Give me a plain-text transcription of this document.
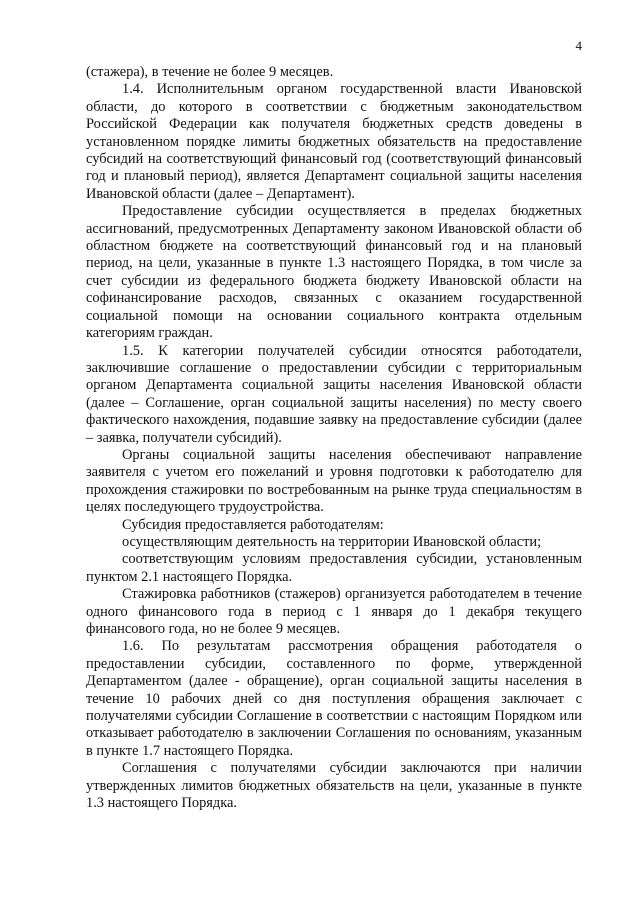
4

(стажера), в течение не более 9 месяцев.

1.4. Исполнительным органом государственной власти Ивановской области, до которого в соответствии с бюджетным законодательством Российской Федерации как получателя бюджетных средств доведены в установленном порядке лимиты бюджетных обязательств на предоставление субсидий на соответствующий финансовый год (соответствующий финансовый год и плановый период), является Департамент социальной защиты населения Ивановской области (далее – Департамент).

Предоставление субсидии осуществляется в пределах бюджетных ассигнований, предусмотренных Департаменту законом Ивановской области об областном бюджете на соответствующий финансовый год и на плановый период, на цели, указанные в пункте 1.3 настоящего Порядка, в том числе за счет субсидии из федерального бюджета бюджету Ивановской области на софинансирование расходов, связанных с оказанием государственной социальной помощи на основании социального контракта отдельным категориям граждан.

1.5. К категории получателей субсидии относятся работодатели, заключившие соглашение о предоставлении субсидии с территориальным органом Департамента социальной защиты населения Ивановской области (далее – Соглашение, орган социальной защиты населения) по месту своего фактического нахождения, подавшие заявку на предоставление субсидии (далее – заявка, получатели субсидий).

Органы социальной защиты населения обеспечивают направление заявителя с учетом его пожеланий и уровня подготовки к работодателю для прохождения стажировки по востребованным на рынке труда специальностям в целях последующего трудоустройства.

Субсидия предоставляется работодателям:

осуществляющим деятельность на территории Ивановской области;

соответствующим условиям предоставления субсидии, установленным пунктом 2.1 настоящего Порядка.

Стажировка работников (стажеров) организуется работодателем в течение одного финансового года в период с 1 января до 1 декабря текущего финансового года, но не более 9 месяцев.

1.6. По результатам рассмотрения обращения работодателя о предоставлении субсидии, составленного по форме, утвержденной Департаментом (далее - обращение), орган социальной защиты населения в течение 10 рабочих дней со дня поступления обращения заключает с получателями субсидии Соглашение в соответствии с настоящим Порядком или отказывает работодателю в заключении Соглашения по основаниям, указанным в пункте 1.7 настоящего Порядка.

Соглашения с получателями субсидии заключаются при наличии утвержденных лимитов бюджетных обязательств на цели, указанные в пункте 1.3 настоящего Порядка.
